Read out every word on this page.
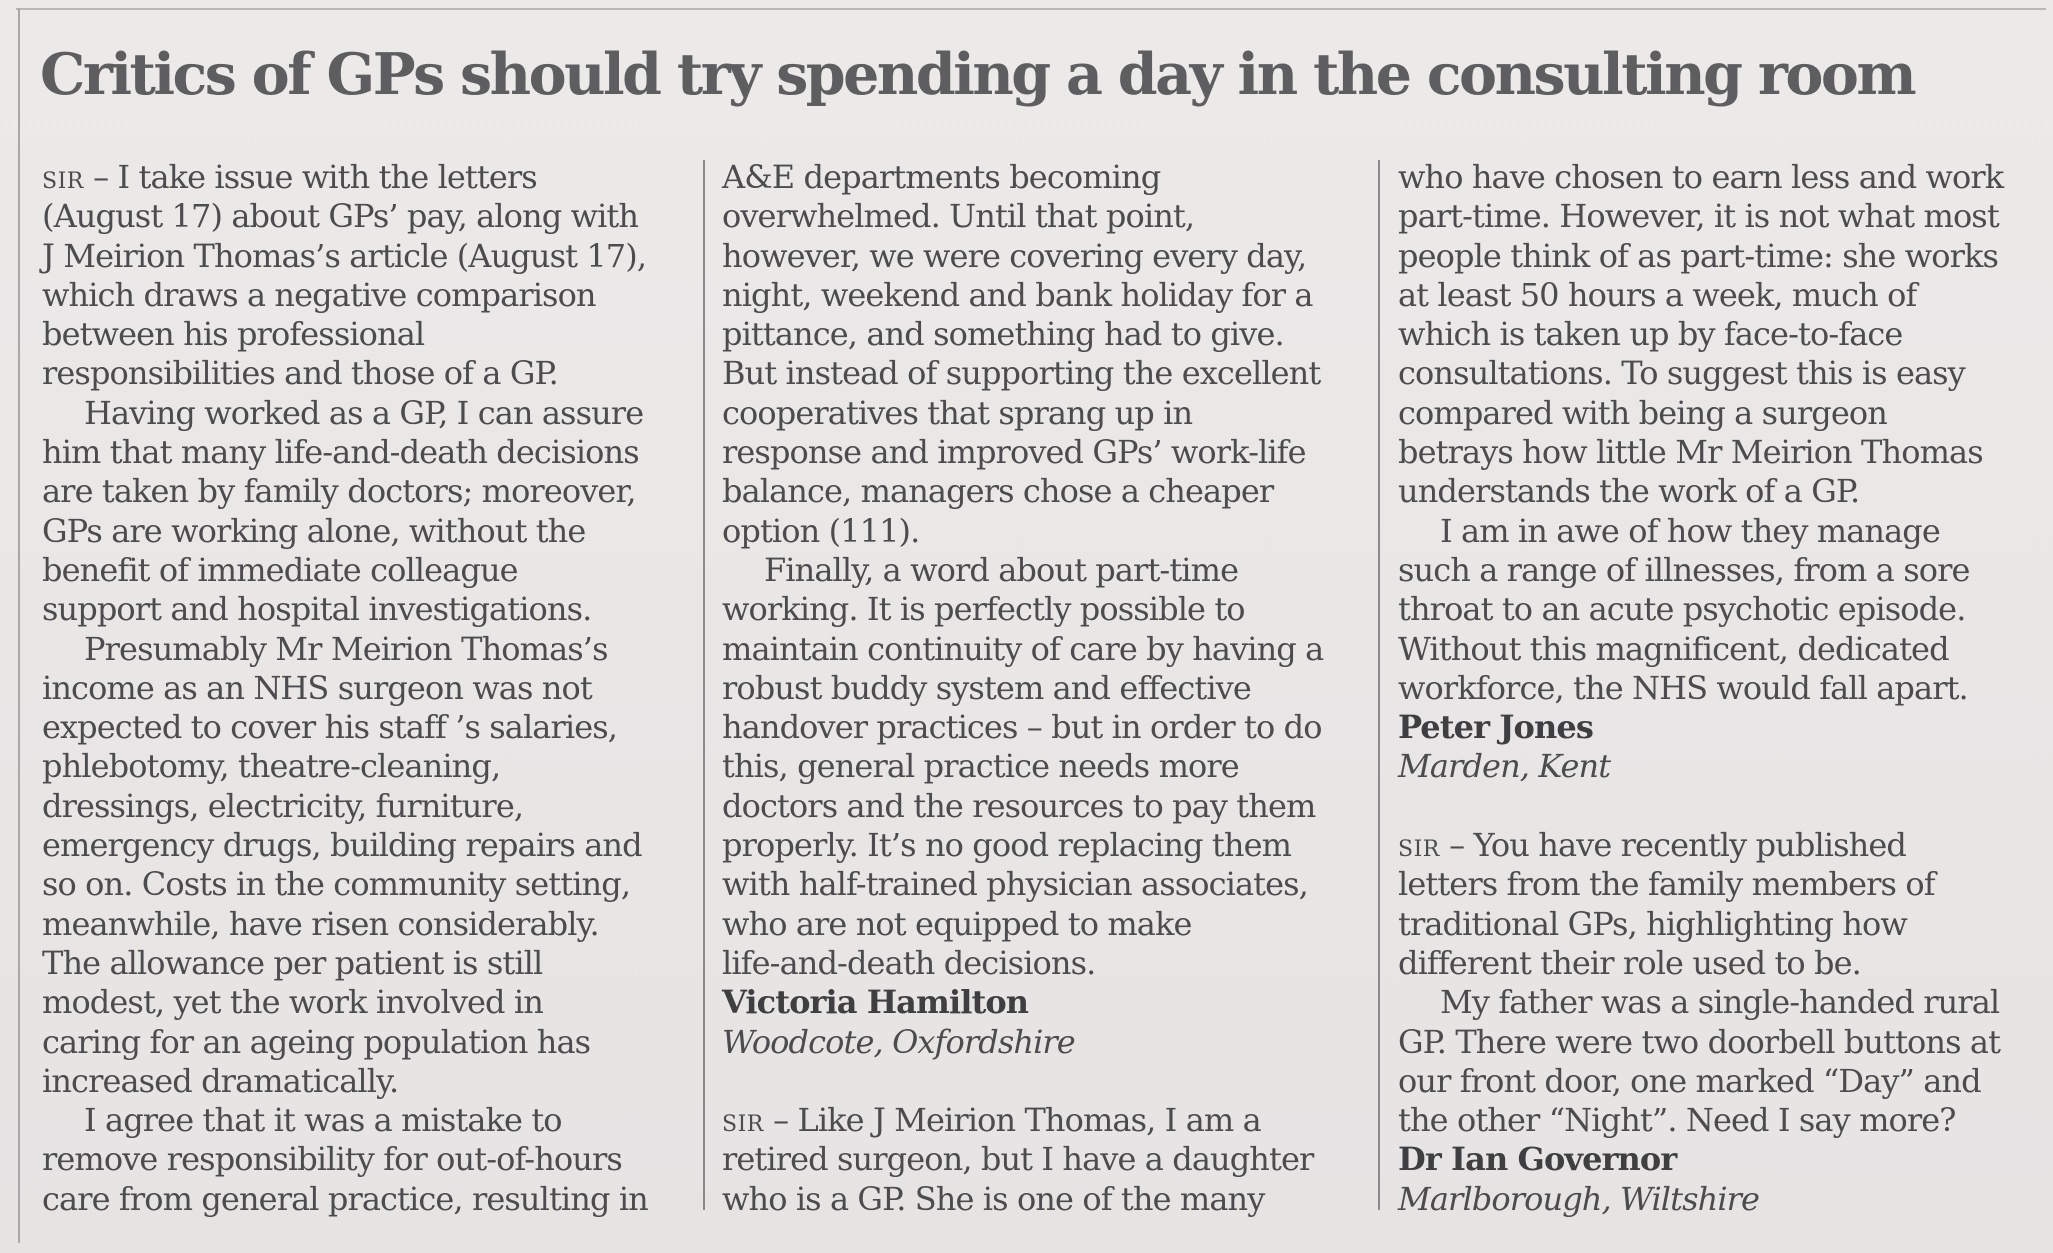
Critics of GPs should try spending a day in the consulting room
sir – I take issue with the letters
(August 17) about GPs’ pay, along with
J Meirion Thomas’s article (August 17),
which draws a negative comparison
between his professional
responsibilities and those of a GP.
Having worked as a GP, I can assure
him that many life-and-death decisions
are taken by family doctors; moreover,
GPs are working alone, without the
benefit of immediate colleague
support and hospital investigations.
Presumably Mr Meirion Thomas’s
income as an NHS surgeon was not
expected to cover his staff ’s salaries,
phlebotomy, theatre-cleaning,
dressings, electricity, furniture,
emergency drugs, building repairs and
so on. Costs in the community setting,
meanwhile, have risen considerably.
The allowance per patient is still
modest, yet the work involved in
caring for an ageing population has
increased dramatically.
I agree that it was a mistake to
remove responsibility for out-of-hours
care from general practice, resulting in
A&E departments becoming
overwhelmed. Until that point,
however, we were covering every day,
night, weekend and bank holiday for a
pittance, and something had to give.
But instead of supporting the excellent
cooperatives that sprang up in
response and improved GPs’ work-life
balance, managers chose a cheaper
option (111).
Finally, a word about part-time
working. It is perfectly possible to
maintain continuity of care by having a
robust buddy system and effective
handover practices – but in order to do
this, general practice needs more
doctors and the resources to pay them
properly. It’s no good replacing them
with half-trained physician associates,
who are not equipped to make
life-and-death decisions.
Victoria Hamilton
Woodcote, Oxfordshire
sir – Like J Meirion Thomas, I am a
retired surgeon, but I have a daughter
who is a GP. She is one of the many
who have chosen to earn less and work
part-time. However, it is not what most
people think of as part-time: she works
at least 50 hours a week, much of
which is taken up by face-to-face
consultations. To suggest this is easy
compared with being a surgeon
betrays how little Mr Meirion Thomas
understands the work of a GP.
I am in awe of how they manage
such a range of illnesses, from a sore
throat to an acute psychotic episode.
Without this magnificent, dedicated
workforce, the NHS would fall apart.
Peter Jones
Marden, Kent
sir – You have recently published
letters from the family members of
traditional GPs, highlighting how
different their role used to be.
My father was a single-handed rural
GP. There were two doorbell buttons at
our front door, one marked “Day” and
the other “Night”. Need I say more?
Dr Ian Governor
Marlborough, Wiltshire
